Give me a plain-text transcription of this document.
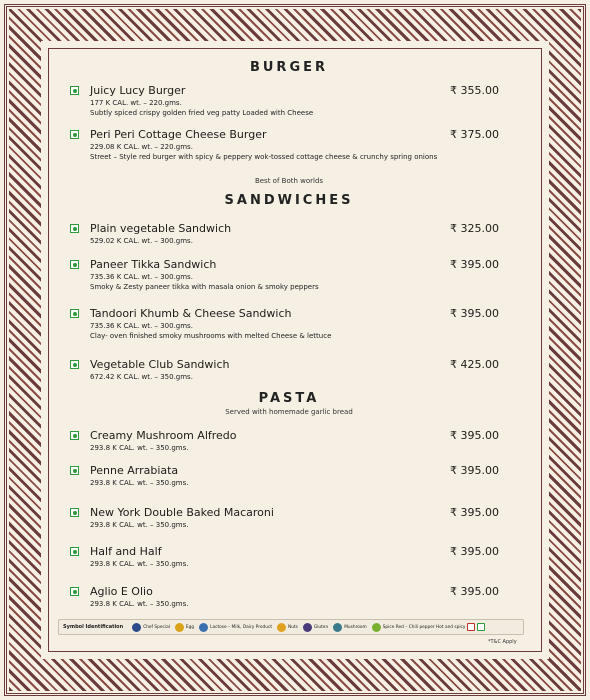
BURGER
Juicy Lucy Burger	₹ 355.00
177 K CAL. wt. – 220.gms.
Subtly spiced crispy golden fried veg patty Loaded with Cheese
Peri Peri Cottage Cheese Burger	₹ 375.00
229.08 K CAL. wt. – 220.gms.
Street – Style red burger with spicy & peppery wok-tossed cottage cheese & crunchy spring onions
Best of Both worlds
SANDWICHES
Plain vegetable Sandwich	₹ 325.00
529.02 K CAL. wt. – 300.gms.
Paneer Tikka Sandwich	₹ 395.00
735.36 K CAL. wt. – 300.gms.
Smoky & Zesty paneer tikka with masala onion & smoky peppers
Tandoori Khumb & Cheese Sandwich	₹ 395.00
735.36 K CAL. wt. – 300.gms.
Clay- oven finished smoky mushrooms with melted Cheese & lettuce
Vegetable Club Sandwich	₹ 425.00
672.42 K CAL. wt. – 350.gms.
PASTA
Served with homemade garlic bread
Creamy Mushroom Alfredo	₹ 395.00
293.8 K CAL. wt. – 350.gms.
Penne Arrabiata	₹ 395.00
293.8 K CAL. wt. – 350.gms.
New York Double Baked Macaroni	₹ 395.00
293.8 K CAL. wt. – 350.gms.
Half and Half	₹ 395.00
293.8 K CAL. wt. – 350.gms.
Aglio E Olio	₹ 395.00
293.8 K CAL. wt. – 350.gms.
Symbol Identification	Chef Special	Egg	Lactose – Milk, Dairy Product	Nuts	Gluten	Mushroom	Spice Red – Chili pepper Hot and spicy
*T&C Apply
